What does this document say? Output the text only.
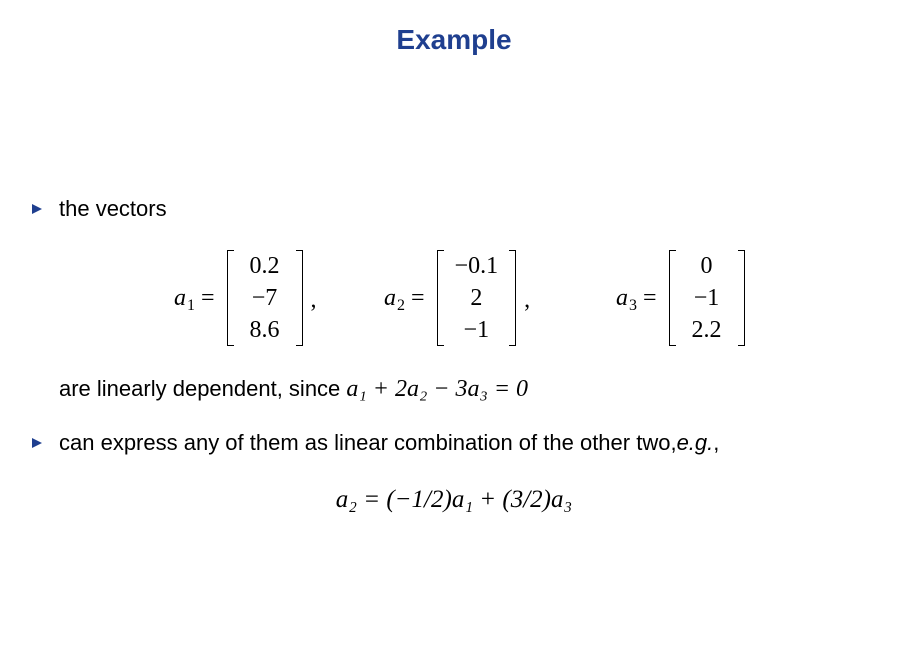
Example
the vectors
$a_1$ =
0.2
−7
8.6
,	$a_2$ =
−0.1
2
−1
,	$a_3$ =
0
−1
2.2
are linearly dependent, since a₁ + 2a₂ − 3a₃ = 0
can express any of them as linear combination of the other two, e.g. ,
a₂ = (−1/2)a₁ + (3/2)a₃
